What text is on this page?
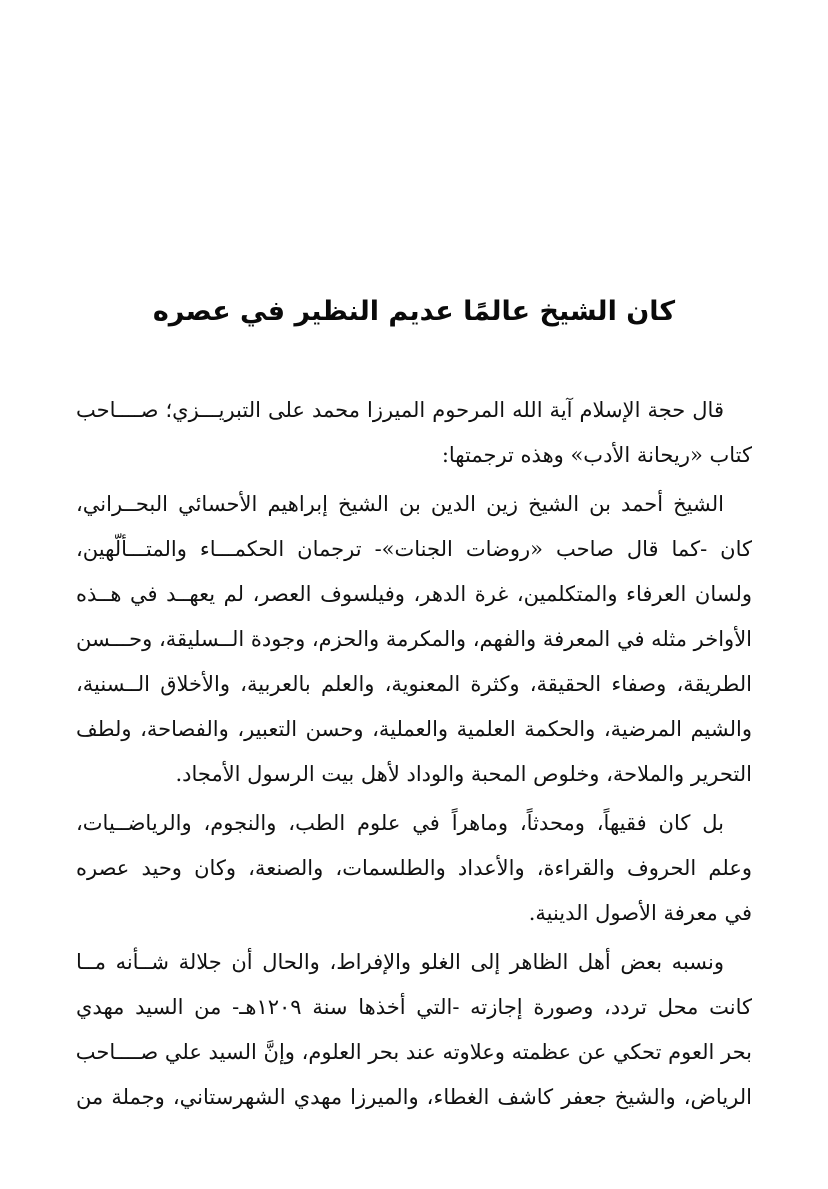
كان الشيخ عالمًا عديم النظير في عصره
قال حجة الإسلام آية الله المرحوم الميرزا محمد على التبريـــزي؛ صــــاحب
كتاب «ريحانة الأدب» وهذه ترجمتها:
الشيخ أحمد بن الشيخ زين الدين بن الشيخ إبراهيم الأحسائي البحــراني،
كان -كما قال صاحب «روضات الجنات»- ترجمان الحكمـــاء والمتـــألّهين،
ولسان العرفاء والمتكلمين، غرة الدهر، وفيلسوف العصر، لم يعهــد في هــذه
الأواخر مثله في المعرفة والفهم، والمكرمة والحزم، وجودة الــسليقة، وحـــسن
الطريقة، وصفاء الحقيقة، وكثرة المعنوية، والعلم بالعربية، والأخلاق الــسنية،
والشيم المرضية، والحكمة العلمية والعملية، وحسن التعبير، والفصاحة، ولطف
التحرير والملاحة، وخلوص المحبة والوداد لأهل بيت الرسول الأمجاد.
بل كان فقيهاً، ومحدثاً، وماهراً في علوم الطب، والنجوم، والرياضــيات،
وعلم الحروف والقراءة، والأعداد والطلسمات، والصنعة، وكان وحيد عصره
في معرفة الأصول الدينية.
ونسبه بعض أهل الظاهر إلى الغلو والإفراط، والحال أن جلالة شــأنه مــا
كانت محل تردد، وصورة إجازته -التي أخذها سنة ١٢٠٩هـ- من السيد مهدي
بحر العوم تحكي عن عظمته وعلاوته عند بحر العلوم، وإنَّ السيد علي صــــاحب
الرياض، والشيخ جعفر كاشف الغطاء، والميرزا مهدي الشهرستاني، وجملة من
